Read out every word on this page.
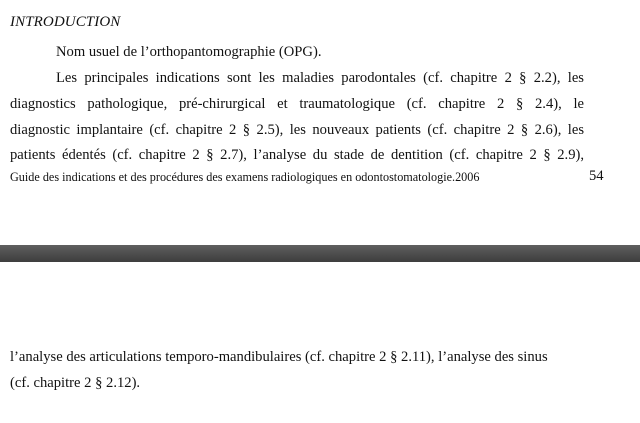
INTRODUCTION
Nom usuel de l’orthopantomographie (OPG).
Les principales indications sont les maladies parodontales (cf. chapitre 2 § 2.2), les
diagnostics pathologique, pré-chirurgical et traumatologique (cf. chapitre 2 § 2.4), le
diagnostic implantaire (cf. chapitre 2 § 2.5), les nouveaux patients (cf. chapitre 2 § 2.6), les
patients édentés (cf. chapitre 2 § 2.7), l’analyse du stade de dentition (cf. chapitre 2 § 2.9),
Guide des indications et des procédures des examens radiologiques en odontostomatologie.2006	54
l’analyse des articulations temporo-mandibulaires (cf. chapitre 2 § 2.11), l’analyse des sinus
(cf. chapitre 2 § 2.12).
